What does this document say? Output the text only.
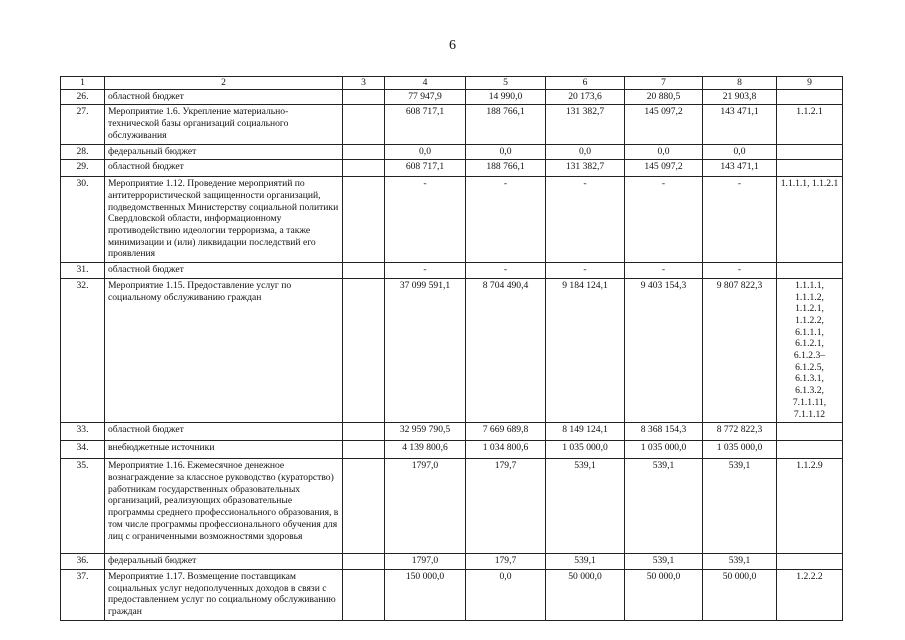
6
1	2	3	4	5	6	7	8	9
26.	областной бюджет		77 947,9	14 990,0	20 173,6	20 880,5	21 903,8	
27.	Мероприятие 1.6. Укрепление материально-технической базы организаций социального обслуживания		608 717,1	188 766,1	131 382,7	145 097,2	143 471,1	1.1.2.1
28.	федеральный бюджет		0,0	0,0	0,0	0,0	0,0	
29.	областной бюджет		608 717,1	188 766,1	131 382,7	145 097,2	143 471,1	
30.	Мероприятие 1.12. Проведение мероприятий по антитеррористической защищенности организаций, подведомственных Министерству социальной политики Свердловской области, информационному противодействию идеологии терроризма, а также минимизации и (или) ликвидации последствий его проявления		-	-	-	-	-	1.1.1.1, 1.1.2.1
31.	областной бюджет		-	-	-	-	-	
32.	Мероприятие 1.15. Предоставление услуг по социальному обслуживанию граждан		37 099 591,1	8 704 490,4	9 184 124,1	9 403 154,3	9 807 822,3	1.1.1.1, 1.1.1.2, 1.1.2.1, 1.1.2.2, 6.1.1.1, 6.1.2.1, 6.1.2.3– 6.1.2.5, 6.1.3.1, 6.1.3.2, 7.1.1.11, 7.1.1.12
33.	областной бюджет		32 959 790,5	7 669 689,8	8 149 124,1	8 368 154,3	8 772 822,3	
34.	внебюджетные источники		4 139 800,6	1 034 800,6	1 035 000,0	1 035 000,0	1 035 000,0	
35.	Мероприятие 1.16. Ежемесячное денежное вознаграждение за классное руководство (кураторство) работникам государственных образовательных организаций, реализующих образовательные программы среднего профессионального образования, в том числе программы профессионального обучения для лиц с ограниченными возможностями здоровья		1797,0	179,7	539,1	539,1	539,1	1.1.2.9
36.	федеральный бюджет		1797,0	179,7	539,1	539,1	539,1	
37.	Мероприятие 1.17. Возмещение поставщикам социальных услуг недополученных доходов в связи с предоставлением услуг по социальному обслуживанию граждан		150 000,0	0,0	50 000,0	50 000,0	50 000,0	1.2.2.2
